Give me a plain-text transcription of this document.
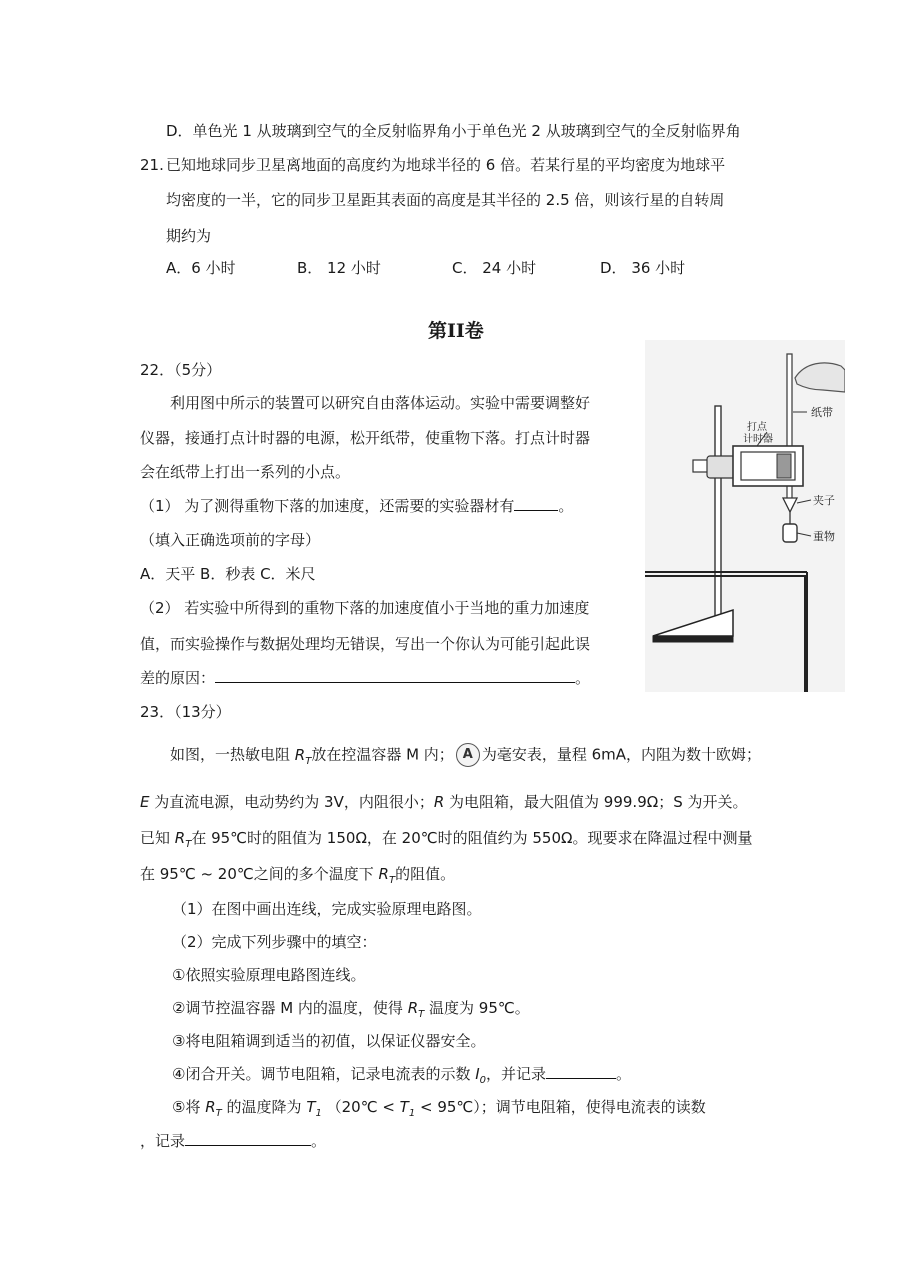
D．单色光 1 从玻璃到空气的全反射临界角小于单色光 2 从玻璃到空气的全反射临界角
21. 已知地球同步卫星离地面的高度约为地球半径的 6 倍。若某行星的平均密度为地球平
均密度的一半，它的同步卫星距其表面的高度是其半径的 2.5 倍，则该行星的自转周
期约为
A．6 小时	B． 12 小时	C． 24 小时	D． 36 小时
第II卷
22．（5分）
利用图中所示的装置可以研究自由落体运动。实验中需要调整好
仪器，接通打点计时器的电源，松开纸带，使重物下落。打点计时器
会在纸带上打出一系列的小点。
（1） 为了测得重物下落的加速度，还需要的实验器材有	。
（填入正确选项前的字母）
A．天平 B．秒表 C．米尺
（2） 若实验中所得到的重物下落的加速度值小于当地的重力加速度
值，而实验操作与数据处理均无错误，写出一个你认为可能引起此误
差的原因：	。
打点
计时器
纸带
夹子
重物
23．（13分）
如图，一热敏电阻 $R_T$放在控温容器 M 内； A 为毫安表，量程 6mA，内阻为数十欧姆；
E 为直流电源，电动势约为 3V，内阻很小；R 为电阻箱，最大阻值为 999.9Ω；S 为开关。
已知 $R_T$在 95℃时的阻值为 150Ω，在 20℃时的阻值约为 550Ω。现要求在降温过程中测量
在 95℃ ~ 20℃之间的多个温度下 $R_T$的阻值。
（1）在图中画出连线，完成实验原理电路图。
（2）完成下列步骤中的填空：
①依照实验原理电路图连线。
②调节控温容器 M 内的温度，使得 $R_T$ 温度为 95℃。
③将电阻箱调到适当的初值，以保证仪器安全。
④闭合开关。调节电阻箱，记录电流表的示数 $I_0$，并记录	。
⑤将 $R_T$ 的温度降为 $T_1$ （20℃ < $T_1$ < 95℃）；调节电阻箱，使得电流表的读数
，记录	。
